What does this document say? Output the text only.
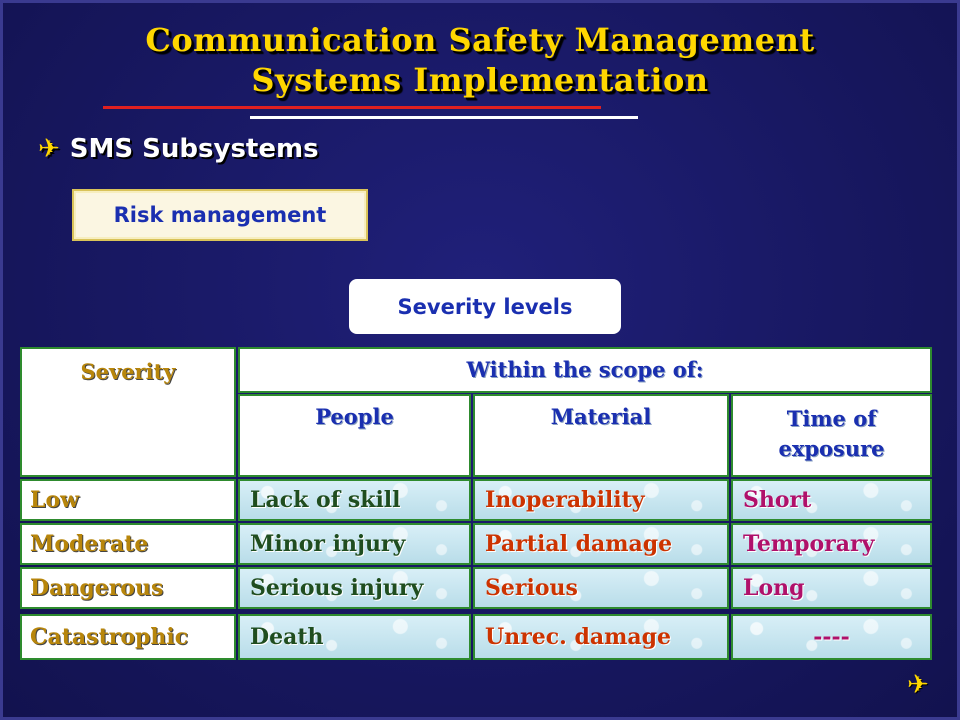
Communication Safety Management
Systems Implementation
✈ SMS Subsystems
Risk management
Severity levels
Severity	Within the scope of:
People	Material	Time of exposure
Low	Lack of skill	Inoperability	Short
Moderate	Minor injury	Partial damage	Temporary
Dangerous	Serious injury	Serious	Long
Catastrophic	Death	Unrec. damage	----
✈
